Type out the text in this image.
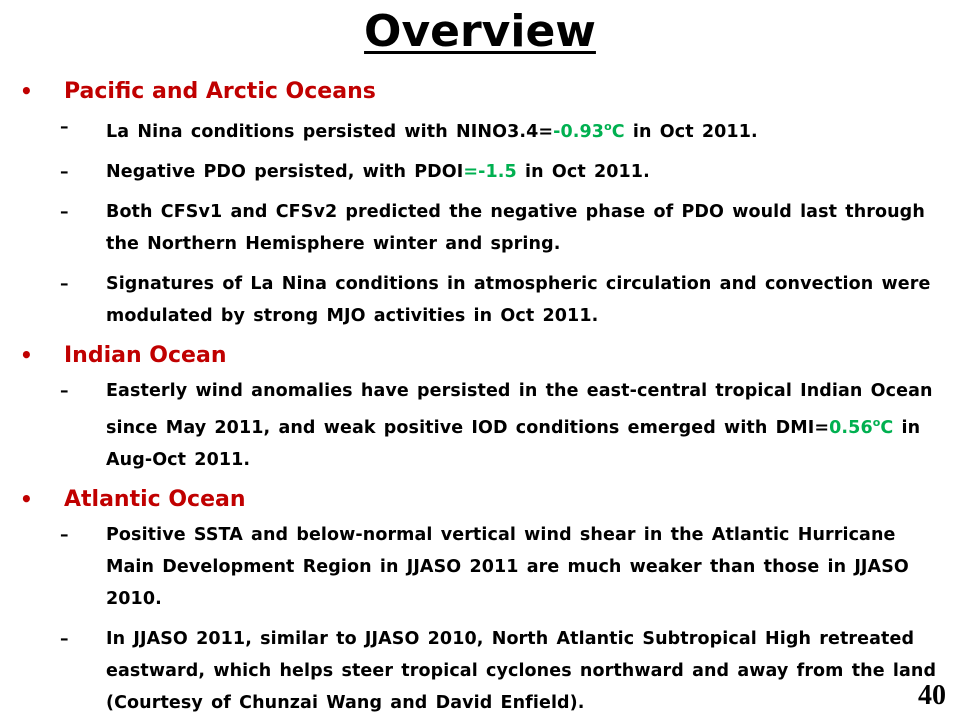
Overview
•	Pacific and Arctic Oceans
–	La Nina conditions persisted with $NINO3.4=-0.93^oC$ in Oct 2011.
–	Negative PDO persisted, with PDOI=-1.5 in Oct 2011.
–	Both CFSv1 and CFSv2 predicted the negative phase of PDO would last through the Northern Hemisphere winter and spring.
–	Signatures of La Nina conditions in atmospheric circulation and convection were modulated by strong MJO activities in Oct 2011.
•	Indian Ocean
–	Easterly wind anomalies have persisted in the east-central tropical Indian Ocean since May 2011, and weak positive IOD conditions emerged with $DMI=0.56^oC$ in Aug-Oct 2011.
•	Atlantic Ocean
–	Positive SSTA and below-normal vertical wind shear in the Atlantic Hurricane Main Development Region in JJASO 2011 are much weaker than those in JJASO 2010.
–	In JJASO 2011, similar to JJASO 2010, North Atlantic Subtropical High retreated eastward, which helps steer tropical cyclones northward and away from the land (Courtesy of Chunzai Wang and David Enfield).	40
